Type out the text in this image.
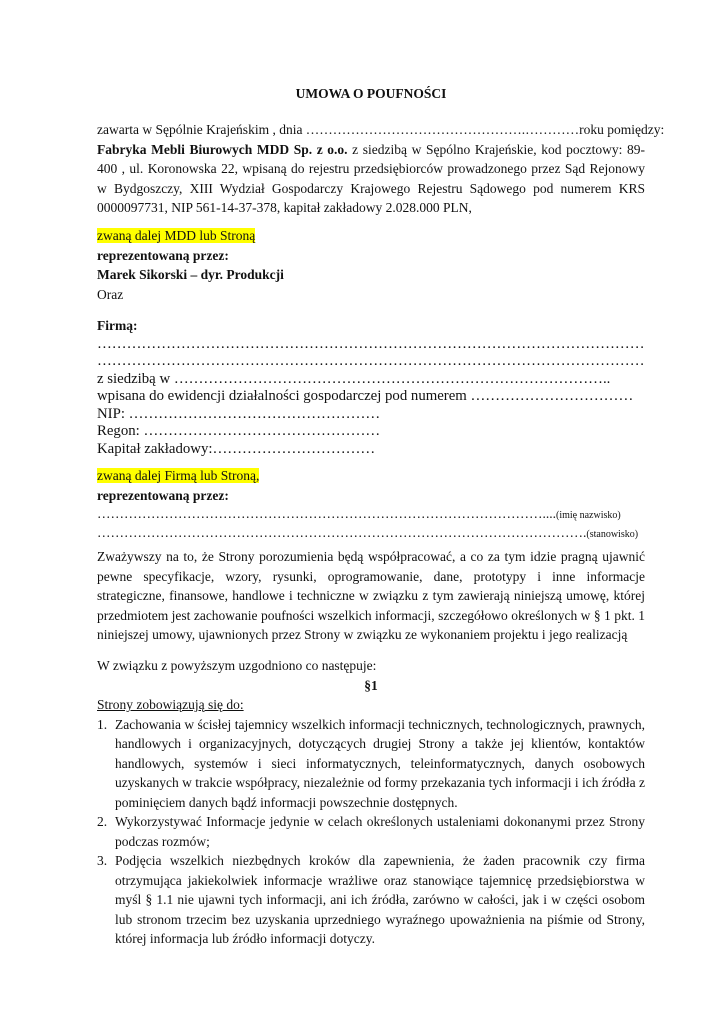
UMOWA O POUFNOŚCI

zawarta w Sępólnie Krajeńskim , dnia ………………………………………….…………roku pomiędzy:

Fabryka Mebli Biurowych MDD Sp. z o.o. z siedzibą w Sępólno Krajeńskie, kod pocztowy: 89-400 , ul. Koronowska 22, wpisaną do rejestru przedsiębiorców prowadzonego przez Sąd Rejonowy w Bydgoszczy, XIII Wydział Gospodarczy Krajowego Rejestru Sądowego pod numerem KRS 0000097731, NIP 561-14-37-378, kapitał zakładowy 2.028.000 PLN,

zwaną dalej MDD lub Stroną

reprezentowaną przez:

Marek Sikorski – dyr. Produkcji

Oraz

Firmą:

…………………………………………………………………………………………………
…………………………………………………………………………………………………
z siedzibą w ……………………………………………………………………………..
wpisana do ewidencji działalności gospodarczej pod numerem ……………………………
NIP: ……………………………………………
Regon: …………………………………………
Kapitał zakładowy:……………………………

zwaną dalej Firmą lub Stroną,

reprezentowaną przez:

………………………………………………………………………………………....(imię nazwisko)
……………………………………………………………………………………………….(stanowisko)

Zważywszy na to, że Strony porozumienia będą współpracować, a co za tym idzie pragną ujawnić pewne specyfikacje, wzory, rysunki, oprogramowanie, dane, prototypy i inne informacje strategiczne, finansowe, handlowe i techniczne w związku z tym zawierają niniejszą umowę, której przedmiotem jest zachowanie poufności wszelkich informacji, szczegółowo określonych w § 1 pkt. 1 niniejszej umowy, ujawnionych przez Strony w związku ze wykonaniem projektu i jego realizacją

W związku z powyższym uzgodniono co następuje:

§1

Strony zobowiązują się do:

1. Zachowania w ścisłej tajemnicy wszelkich informacji technicznych, technologicznych, prawnych, handlowych i organizacyjnych, dotyczących drugiej Strony a także jej klientów, kontaktów handlowych, systemów i sieci informatycznych, teleinformatycznych, danych osobowych uzyskanych w trakcie współpracy, niezależnie od formy przekazania tych informacji i ich źródła z pominięciem danych bądź informacji powszechnie dostępnych.
2. Wykorzystywać Informacje jedynie w celach określonych ustaleniami dokonanymi przez Strony podczas rozmów;
3. Podjęcia wszelkich niezbędnych kroków dla zapewnienia, że żaden pracownik czy firma otrzymująca jakiekolwiek informacje wrażliwe oraz stanowiące tajemnicę przedsiębiorstwa w myśl § 1.1 nie ujawni tych informacji, ani ich źródła, zarówno w całości, jak i w części osobom lub stronom trzecim bez uzyskania uprzedniego wyraźnego upoważnienia na piśmie od Strony, której informacja lub źródło informacji dotyczy.
